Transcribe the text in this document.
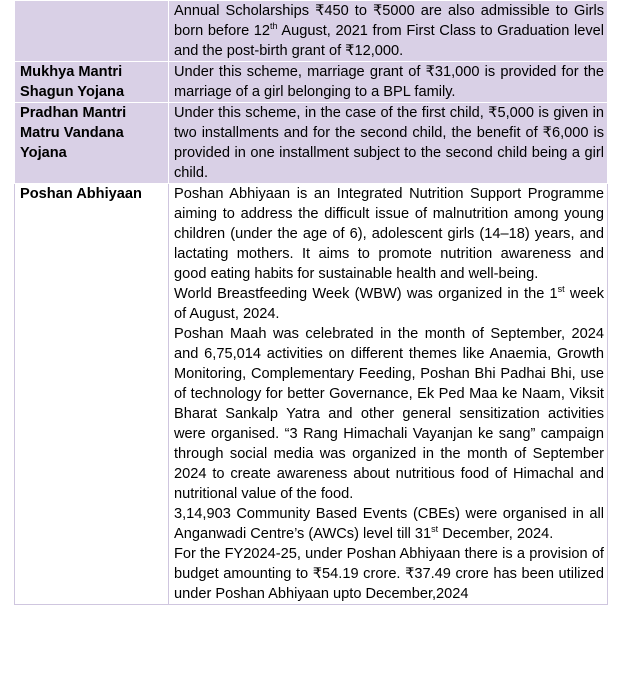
	Annual Scholarships ₹450 to ₹5000 are also admissible to Girls born before 12th August, 2021 from First Class to Graduation level and the post-birth grant of ₹12,000.

Mukhya Mantri Shagun Yojana	Under this scheme, marriage grant of ₹31,000 is provided for the marriage of a girl belonging to a BPL family.

Pradhan Mantri Matru Vandana Yojana	Under this scheme, in the case of the first child, ₹5,000 is given in two installments and for the second child, the benefit of ₹6,000 is provided in one installment subject to the second child being a girl child.

Poshan Abhiyaan	Poshan Abhiyaan is an Integrated Nutrition Support Programme aiming to address the difficult issue of malnutrition among young children (under the age of 6), adolescent girls (14–18) years, and lactating mothers. It aims to promote nutrition awareness and good eating habits for sustainable health and well-being.

World Breastfeeding Week (WBW) was organized in the 1st week of August, 2024.

Poshan Maah was celebrated in the month of September, 2024 and 6,75,014 activities on different themes like Anaemia, Growth Monitoring, Complementary Feeding, Poshan Bhi Padhai Bhi, use of technology for better Governance, Ek Ped Maa ke Naam, Viksit Bharat Sankalp Yatra and other general sensitization activities were organised. “3 Rang Himachali Vayanjan ke sang” campaign through social media was organized in the month of September 2024 to create awareness about nutritious food of Himachal and nutritional value of the food.

3,14,903 Community Based Events (CBEs) were organised in all Anganwadi Centre’s (AWCs) level till 31st December, 2024.

For the FY2024-25, under Poshan Abhiyaan there is a provision of budget amounting to ₹54.19 crore. ₹37.49 crore has been utilized under Poshan Abhiyaan upto December,2024
